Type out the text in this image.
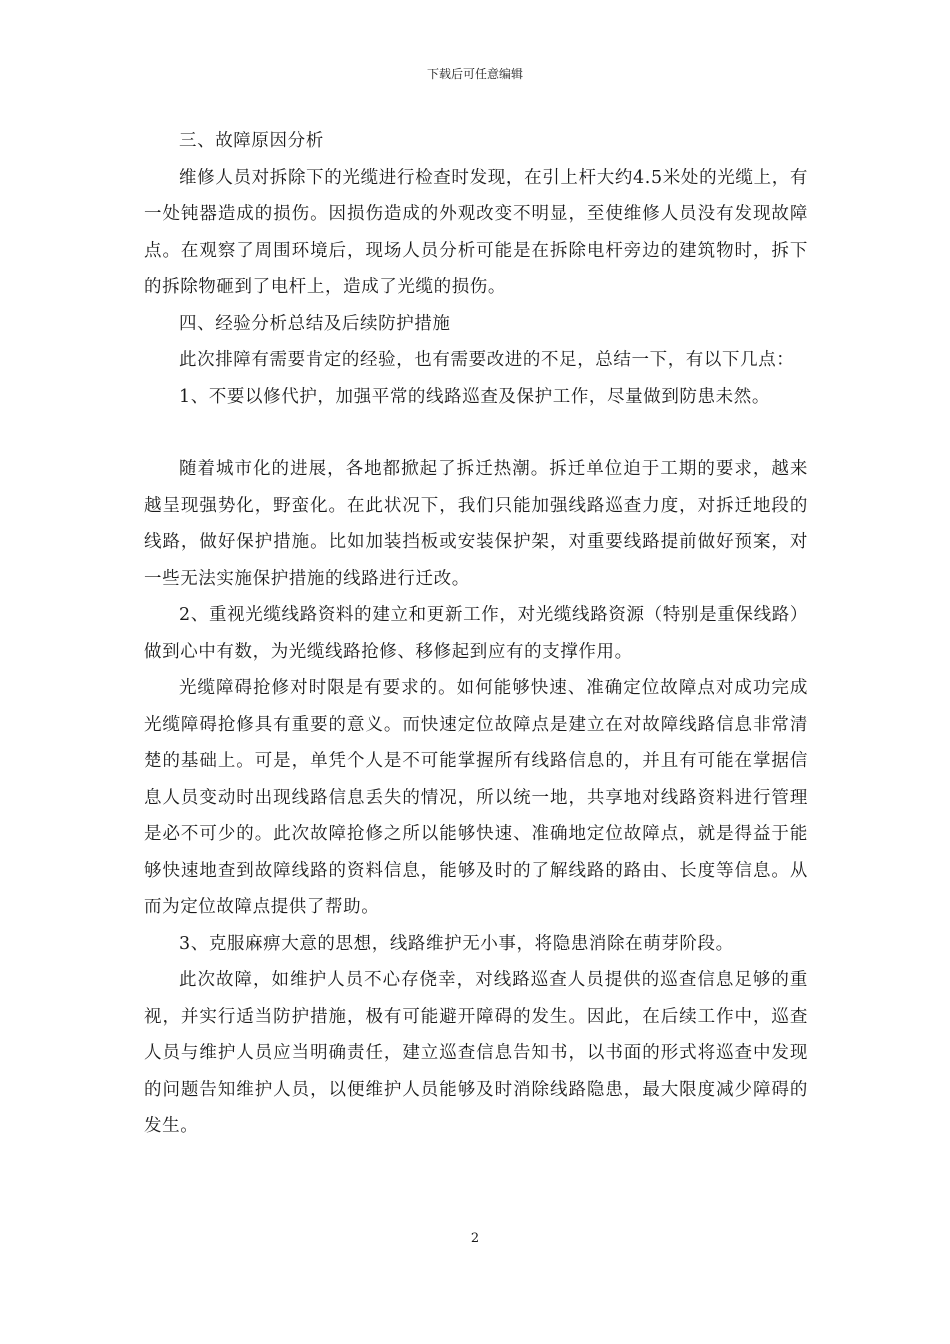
下载后可任意编辑

三、故障原因分析

维修人员对拆除下的光缆进行检查时发现，在引上杆大约4.5米处的光缆上，有一处钝器造成的损伤。因损伤造成的外观改变不明显，至使维修人员没有发现故障点。在观察了周围环境后，现场人员分析可能是在拆除电杆旁边的建筑物时，拆下的拆除物砸到了电杆上，造成了光缆的损伤。

四、经验分析总结及后续防护措施

此次排障有需要肯定的经验，也有需要改进的不足，总结一下，有以下几点：

1、不要以修代护，加强平常的线路巡查及保护工作，尽量做到防患未然。

随着城市化的进展，各地都掀起了拆迁热潮。拆迁单位迫于工期的要求，越来越呈现强势化，野蛮化。在此状况下，我们只能加强线路巡查力度，对拆迁地段的线路，做好保护措施。比如加装挡板或安装保护架，对重要线路提前做好预案，对一些无法实施保护措施的线路进行迁改。

2、重视光缆线路资料的建立和更新工作，对光缆线路资源（特别是重保线路）做到心中有数，为光缆线路抢修、移修起到应有的支撑作用。

光缆障碍抢修对时限是有要求的。如何能够快速、准确定位故障点对成功完成光缆障碍抢修具有重要的意义。而快速定位故障点是建立在对故障线路信息非常清楚的基础上。可是，单凭个人是不可能掌握所有线路信息的，并且有可能在掌据信息人员变动时出现线路信息丢失的情况，所以统一地，共享地对线路资料进行管理是必不可少的。此次故障抢修之所以能够快速、准确地定位故障点，就是得益于能够快速地查到故障线路的资料信息，能够及时的了解线路的路由、长度等信息。从而为定位故障点提供了帮助。

3、克服麻痹大意的思想，线路维护无小事，将隐患消除在萌芽阶段。

此次故障，如维护人员不心存侥幸，对线路巡查人员提供的巡查信息足够的重视，并实行适当防护措施，极有可能避开障碍的发生。因此，在后续工作中，巡查人员与维护人员应当明确责任，建立巡查信息告知书，以书面的形式将巡查中发现的问题告知维护人员，以便维护人员能够及时消除线路隐患，最大限度减少障碍的发生。

2
